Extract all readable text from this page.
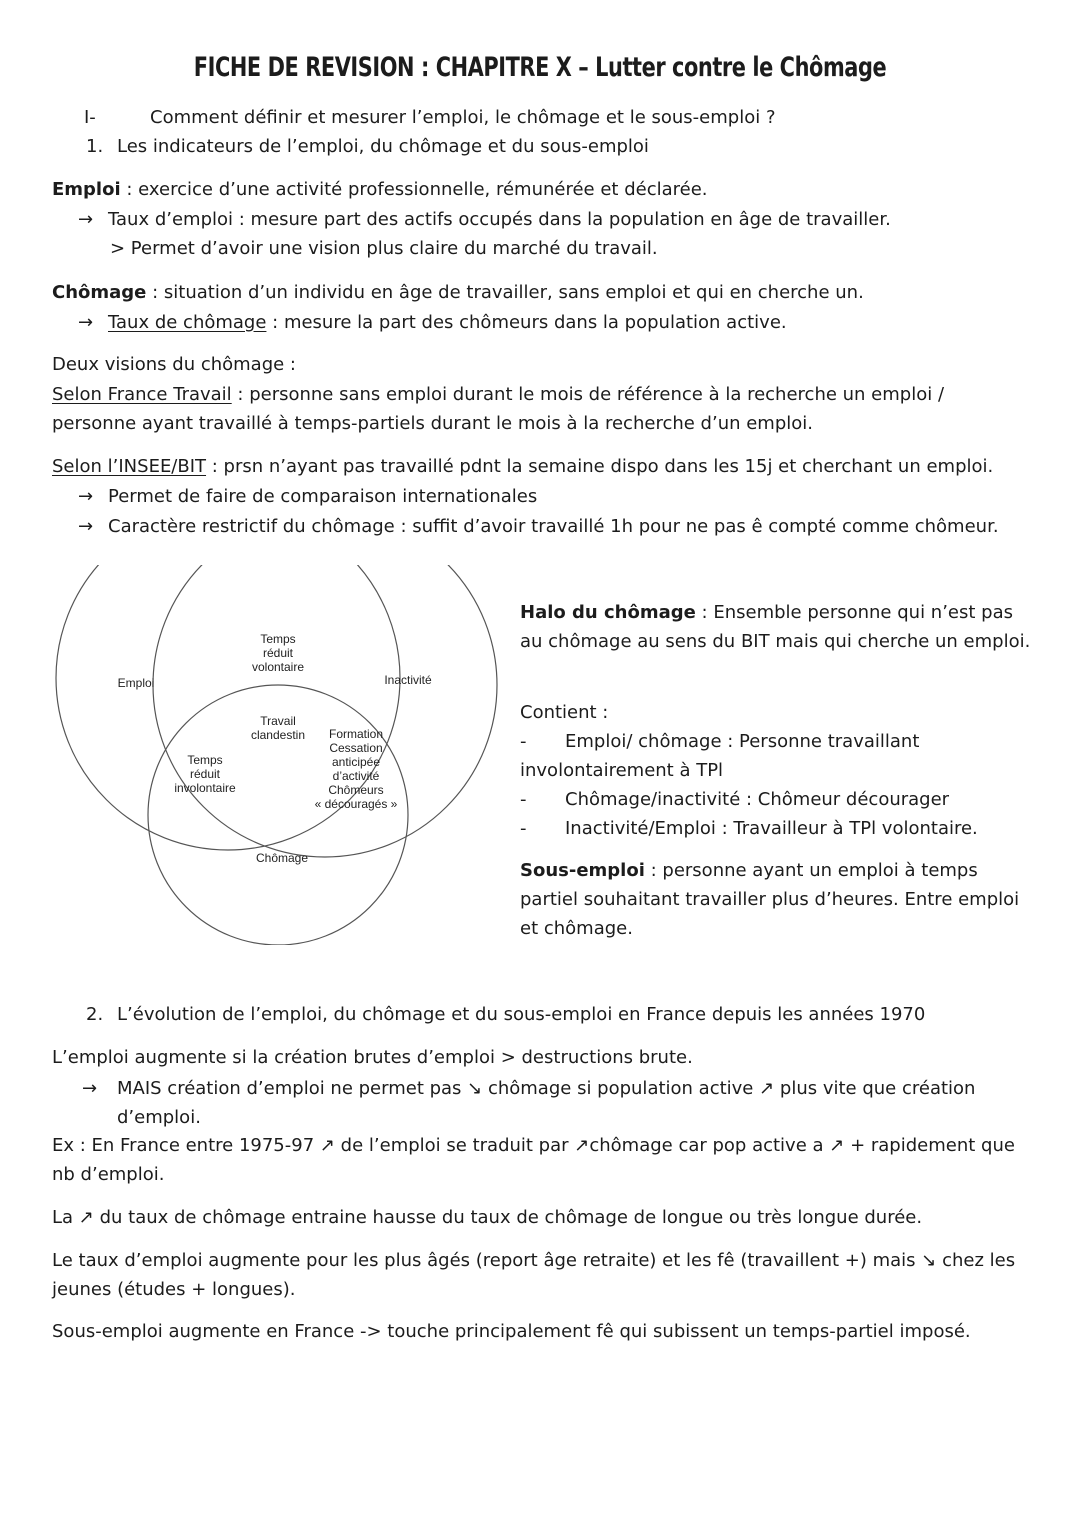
FICHE DE REVISION : CHAPITRE X – Lutter contre le Chômage
I-	Comment définir et mesurer l’emploi, le chômage et le sous-emploi ?
1. Les indicateurs de l’emploi, du chômage et du sous-emploi
Emploi : exercice d’une activité professionnelle, rémunérée et déclarée.
→ Taux d’emploi : mesure part des actifs occupés dans la population en âge de travailler.
> Permet d’avoir une vision plus claire du marché du travail.
Chômage : situation d’un individu en âge de travailler, sans emploi et qui en cherche un.
→ Taux de chômage : mesure la part des chômeurs dans la population active.
Deux visions du chômage :
Selon France Travail : personne sans emploi durant le mois de référence à la recherche un emploi / personne ayant travaillé à temps-partiels durant le mois à la recherche d’un emploi.
Selon l’INSEE/BIT : prsn n’ayant pas travaillé pdnt la semaine dispo dans les 15j et cherchant un emploi.
→ Permet de faire de comparaison internationales
→ Caractère restrictif du chômage : suffit d’avoir travaillé 1h pour ne pas ê compté comme chômeur.
Emploi	Inactivité
Chômage
Temps
réduit
volontaire
Travail
clandestin
Temps
réduit
involontaire
Formation
Cessation
anticipée
d’activité
Chômeurs
« découragés »
Halo du chômage : Ensemble personne qui n’est pas au chômage au sens du BIT mais qui cherche un emploi.
Contient :
- Emploi/ chômage : Personne travaillant involontairement à TPl
- Chômage/inactivité : Chômeur décourager
- Inactivité/Emploi : Travailleur à TPl volontaire.
Sous-emploi : personne ayant un emploi à temps partiel souhaitant travailler plus d’heures. Entre emploi et chômage.
2. L’évolution de l’emploi, du chômage et du sous-emploi en France depuis les années 1970
L’emploi augmente si la création brutes d’emploi > destructions brute.
→ MAIS création d’emploi ne permet pas ↘ chômage si population active ↗ plus vite que création d’emploi.
Ex : En France entre 1975-97 ↗ de l’emploi se traduit par ↗chômage car pop active a ↗ + rapidement que nb d’emploi.
La ↗ du taux de chômage entraine hausse du taux de chômage de longue ou très longue durée.
Le taux d’emploi augmente pour les plus âgés (report âge retraite) et les fê (travaillent +) mais ↘ chez les jeunes (études + longues).
Sous-emploi augmente en France -> touche principalement fê qui subissent un temps-partiel imposé.
